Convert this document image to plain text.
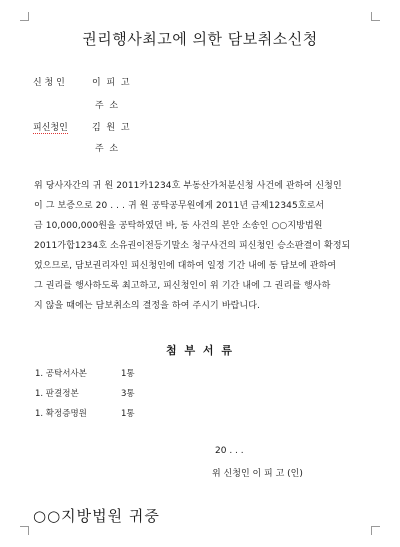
권리행사최고에 의한 담보취소신청
신 청 인	이  피  고
주  소
피신청인	김  원  고
주  소
위 당사자간의 귀 원 2011카1234호 부동산가처분신청 사건에 관하여 신청인
이 그 보증으로 20 . . . 귀 원 공탁공무원에게 2011년 금제12345호로서
금 10,000,000원을 공탁하였던 바, 동 사건의 본안 소송인 ○○지방법원
2011가합1234호 소유권이전등기말소 청구사건의 피신청인 승소판결이 확정되
었으므로, 담보권리자인 피신청인에 대하여 일정 기간 내에 동 담보에 관하여
그 권리를 행사하도록 최고하고, 피신청인이 위 기간 내에 그 권리를 행사하
지 않을 때에는 담보취소의 결정을 하여 주시기 바랍니다.
첨 부 서 류
1. 공탁서사본	1통
1. 판결정본	3통
1. 확정증명원	1통
20 . . .
위 신청인 이 피 고 (인)
○○지방법원 귀중
